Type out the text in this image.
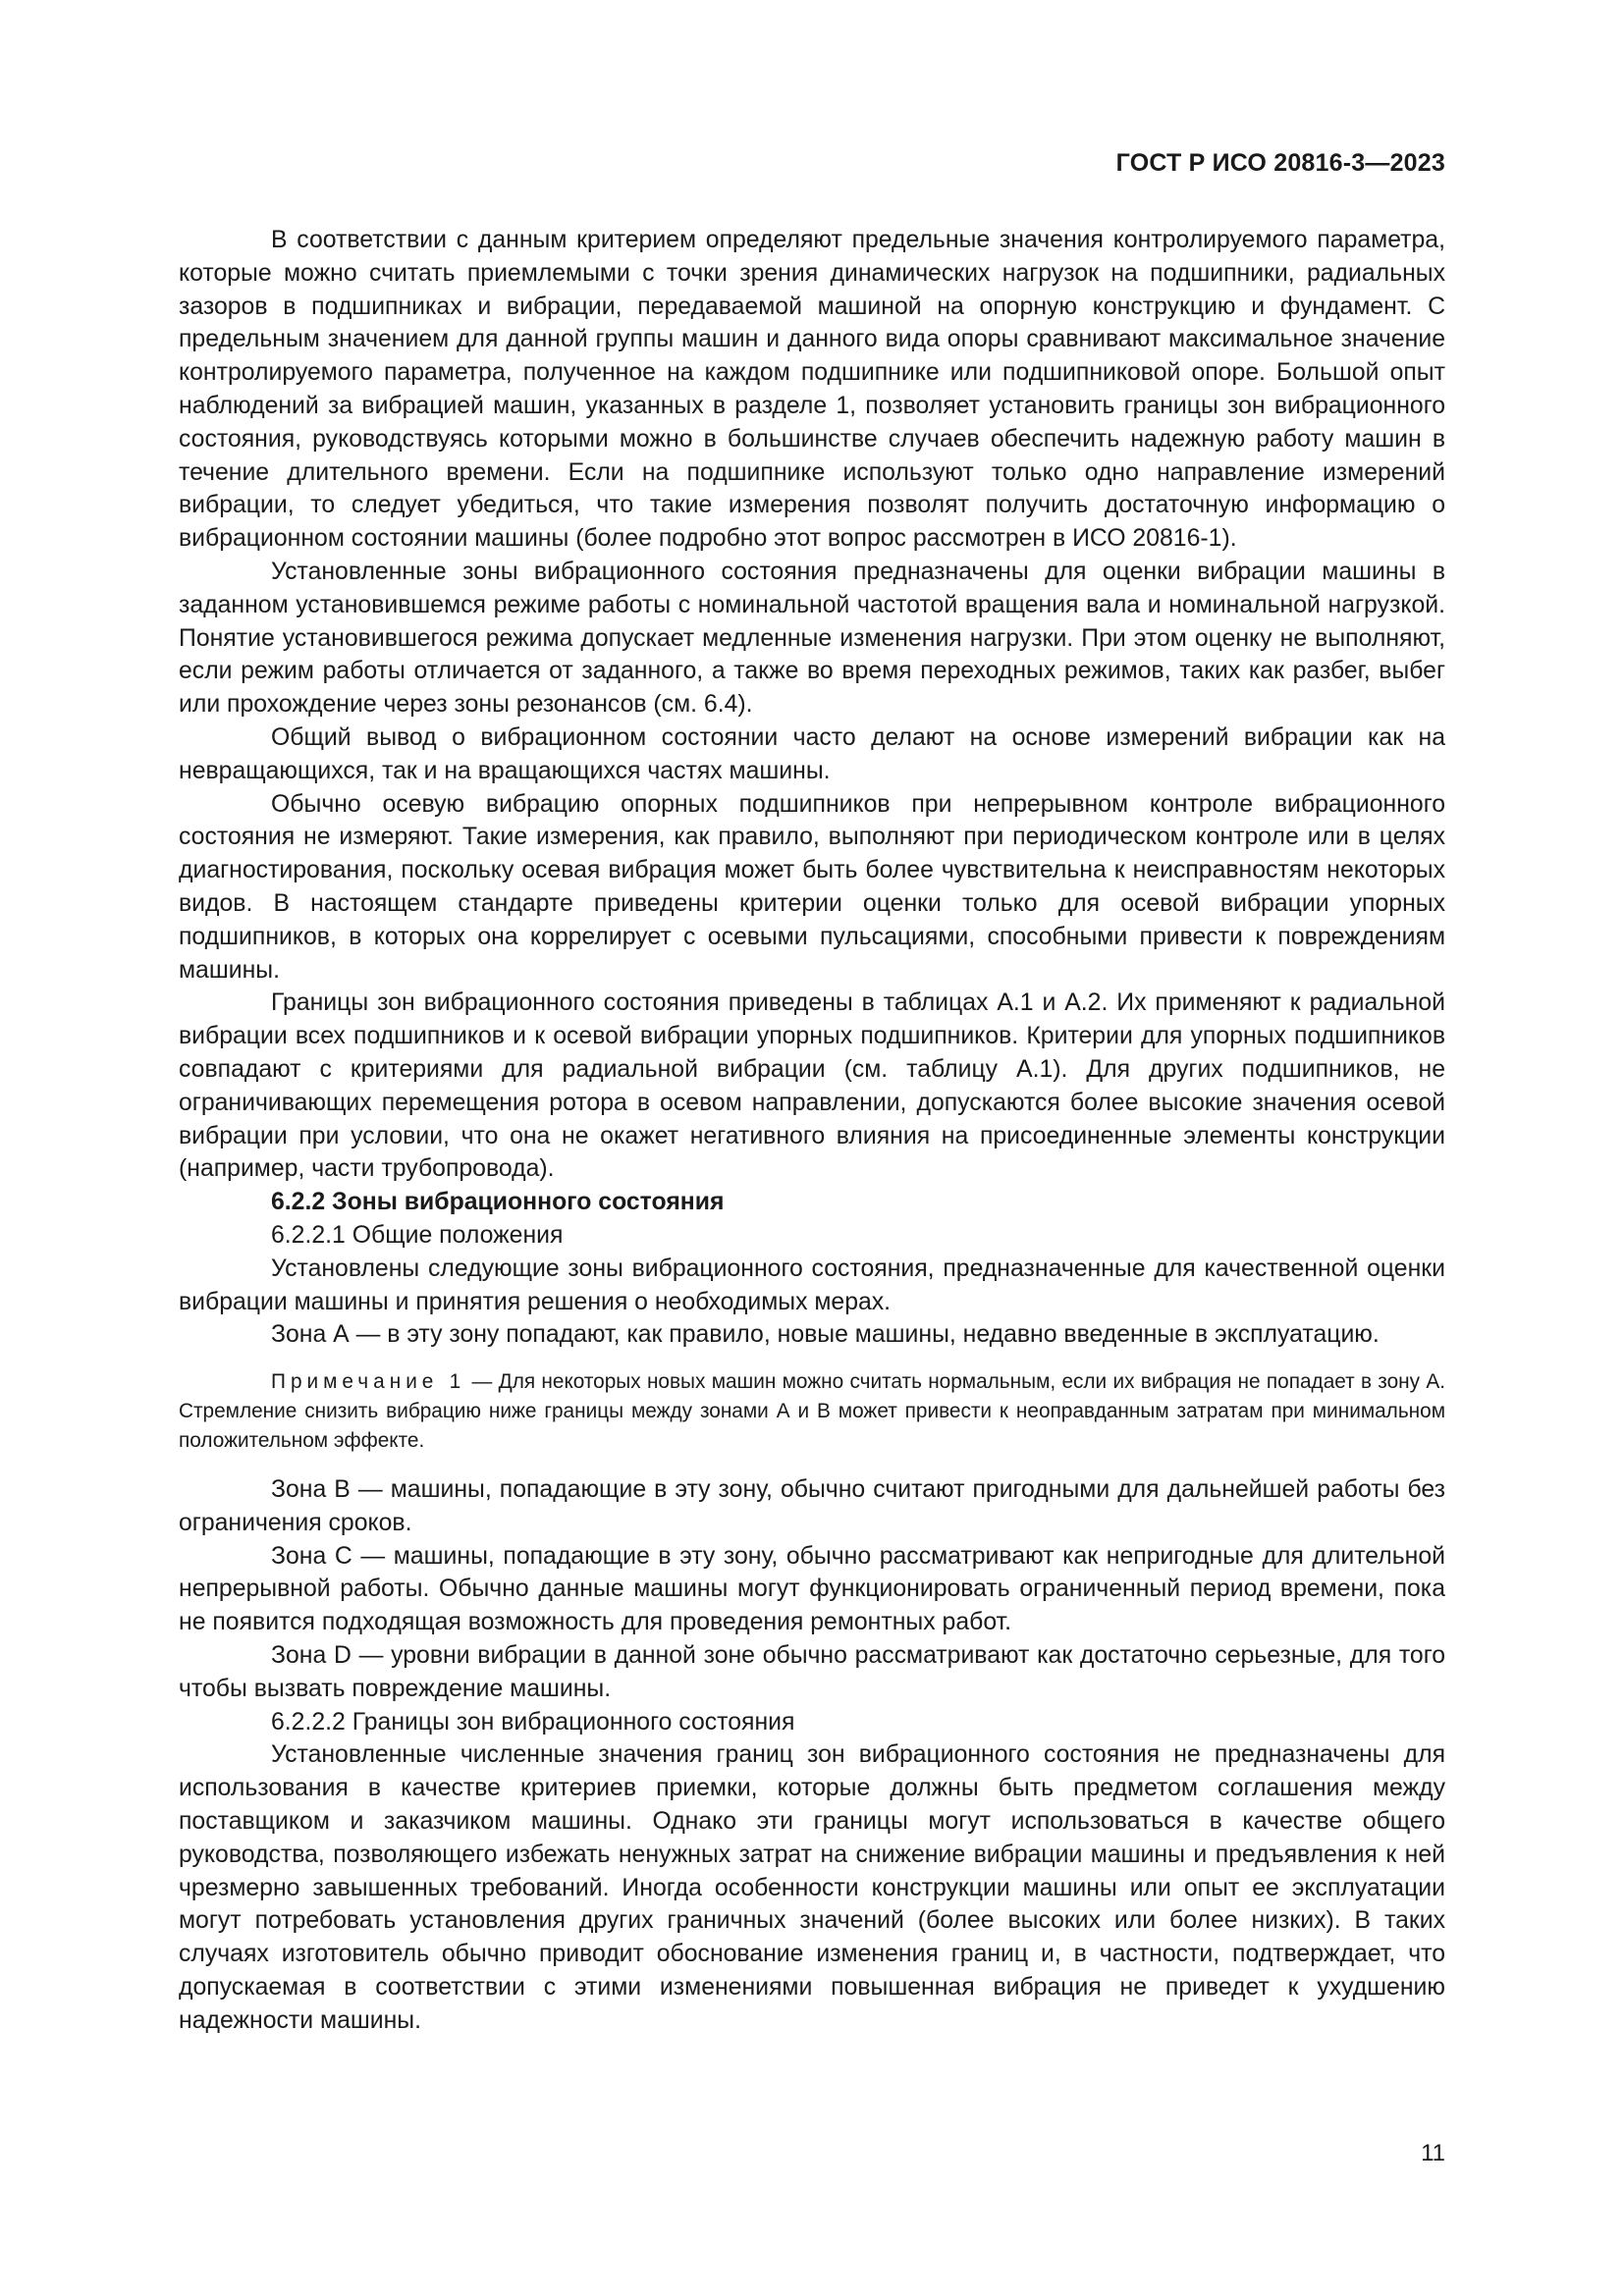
ГОСТ Р ИСО 20816-3—2023

В соответствии с данным критерием определяют предельные значения контролируемого параметра, которые можно считать приемлемыми с точки зрения динамических нагрузок на подшипники, радиальных зазоров в подшипниках и вибрации, передаваемой машиной на опорную конструкцию и фундамент. С предельным значением для данной группы машин и данного вида опоры сравнивают максимальное значение контролируемого параметра, полученное на каждом подшипнике или подшипниковой опоре. Большой опыт наблюдений за вибрацией машин, указанных в разделе 1, позволяет установить границы зон вибрационного состояния, руководствуясь которыми можно в большинстве случаев обеспечить надежную работу машин в течение длительного времени. Если на подшипнике используют только одно направление измерений вибрации, то следует убедиться, что такие измерения позволят получить достаточную информацию о вибрационном состоянии машины (более подробно этот вопрос рассмотрен в ИСО 20816-1).

Установленные зоны вибрационного состояния предназначены для оценки вибрации машины в заданном установившемся режиме работы с номинальной частотой вращения вала и номинальной нагрузкой. Понятие установившегося режима допускает медленные изменения нагрузки. При этом оценку не выполняют, если режим работы отличается от заданного, а также во время переходных режимов, таких как разбег, выбег или прохождение через зоны резонансов (см. 6.4).

Общий вывод о вибрационном состоянии часто делают на основе измерений вибрации как на невращающихся, так и на вращающихся частях машины.

Обычно осевую вибрацию опорных подшипников при непрерывном контроле вибрационного состояния не измеряют. Такие измерения, как правило, выполняют при периодическом контроле или в целях диагностирования, поскольку осевая вибрация может быть более чувствительна к неисправностям некоторых видов. В настоящем стандарте приведены критерии оценки только для осевой вибрации упорных подшипников, в которых она коррелирует с осевыми пульсациями, способными привести к повреждениям машины.

Границы зон вибрационного состояния приведены в таблицах А.1 и А.2. Их применяют к радиальной вибрации всех подшипников и к осевой вибрации упорных подшипников. Критерии для упорных подшипников совпадают с критериями для радиальной вибрации (см. таблицу А.1). Для других подшипников, не ограничивающих перемещения ротора в осевом направлении, допускаются более высокие значения осевой вибрации при условии, что она не окажет негативного влияния на присоединенные элементы конструкции (например, части трубопровода).

6.2.2 Зоны вибрационного состояния

6.2.2.1 Общие положения

Установлены следующие зоны вибрационного состояния, предназначенные для качественной оценки вибрации машины и принятия решения о необходимых мерах.

Зона А — в эту зону попадают, как правило, новые машины, недавно введенные в эксплуатацию.

Примечание 1 — Для некоторых новых машин можно считать нормальным, если их вибрация не попадает в зону А. Стремление снизить вибрацию ниже границы между зонами А и В может привести к неоправданным затратам при минимальном положительном эффекте.

Зона В — машины, попадающие в эту зону, обычно считают пригодными для дальнейшей работы без ограничения сроков.

Зона С — машины, попадающие в эту зону, обычно рассматривают как непригодные для длительной непрерывной работы. Обычно данные машины могут функционировать ограниченный период времени, пока не появится подходящая возможность для проведения ремонтных работ.

Зона D — уровни вибрации в данной зоне обычно рассматривают как достаточно серьезные, для того чтобы вызвать повреждение машины.

6.2.2.2 Границы зон вибрационного состояния

Установленные численные значения границ зон вибрационного состояния не предназначены для использования в качестве критериев приемки, которые должны быть предметом соглашения между поставщиком и заказчиком машины. Однако эти границы могут использоваться в качестве общего руководства, позволяющего избежать ненужных затрат на снижение вибрации машины и предъявления к ней чрезмерно завышенных требований. Иногда особенности конструкции машины или опыт ее эксплуатации могут потребовать установления других граничных значений (более высоких или более низких). В таких случаях изготовитель обычно приводит обоснование изменения границ и, в частности, подтверждает, что допускаемая в соответствии с этими изменениями повышенная вибрация не приведет к ухудшению надежности машины.

11
